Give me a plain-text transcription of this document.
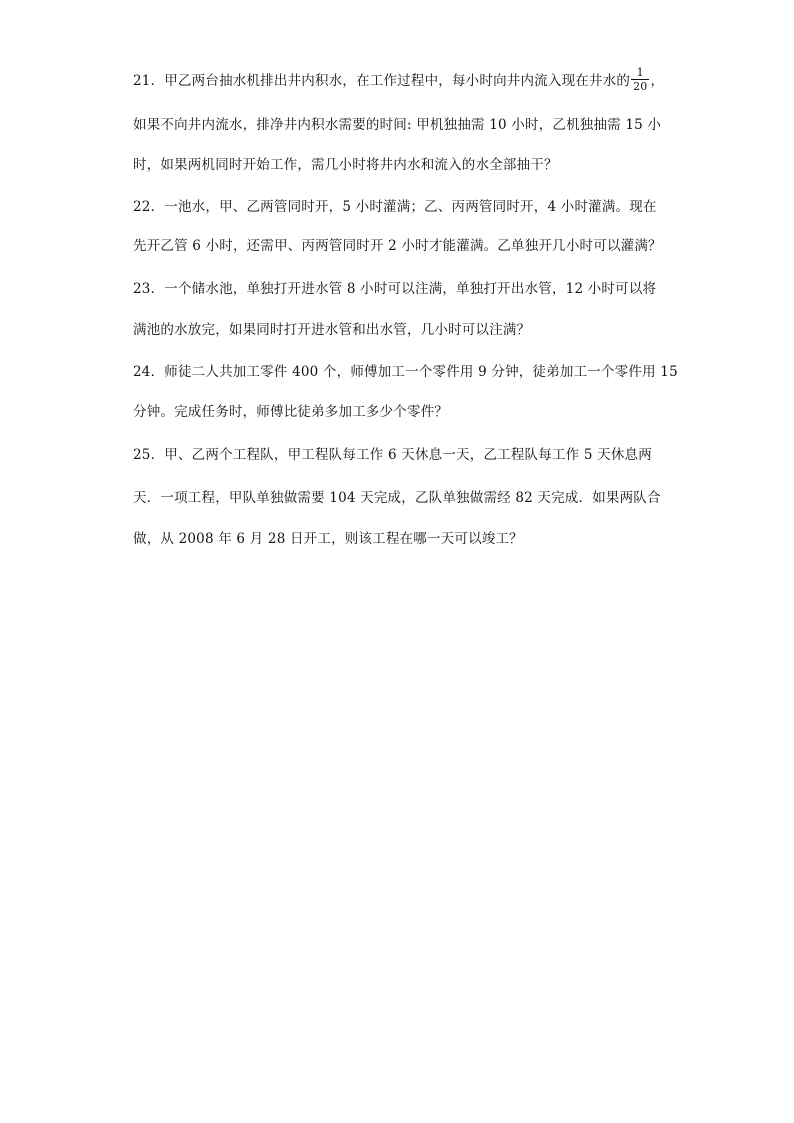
21．甲乙两台抽水机排出井内积水，在工作过程中，每小时向井内流入现在井水的 $\frac{1}{20}$ ，
如果不向井内流水，排净井内积水需要的时间: 甲机独抽需 10 小时，乙机独抽需 15 小
时，如果两机同时开始工作，需几小时将井内水和流入的水全部抽干？
22．一池水，甲、乙两管同时开，5 小时灌满；乙、丙两管同时开，4 小时灌满。现在
先开乙管 6 小时，还需甲、丙两管同时开 2 小时才能灌满。乙单独开几小时可以灌满？
23．一个储水池，单独打开进水管 8 小时可以注满，单独打开出水管，12 小时可以将
满池的水放完，如果同时打开进水管和出水管，几小时可以注满？
24．师徒二人共加工零件 400 个，师傅加工一个零件用 9 分钟，徒弟加工一个零件用 15
分钟。完成任务时，师傅比徒弟多加工多少个零件？
25．甲、乙两个工程队，甲工程队每工作 6 天休息一天，乙工程队每工作 5 天休息两
天．一项工程，甲队单独做需要 104 天完成，乙队单独做需经 82 天完成．如果两队合
做，从 2008 年 6 月 28 日开工，则该工程在哪一天可以竣工？
